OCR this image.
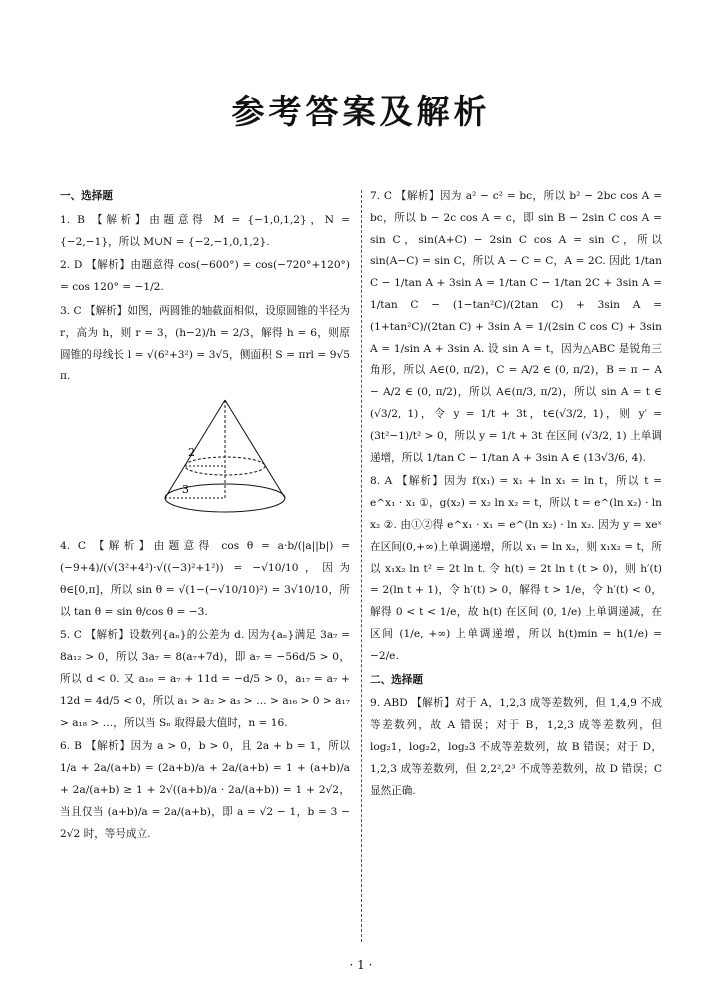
参考答案及解析

一、选择题

1. B 【解析】由题意得 M = {−1,0,1,2}，N = {−2,−1}，所以 M∪N = {−2,−1,0,1,2}.

2. D 【解析】由题意得 cos(−600°) = cos(−720°+120°) = cos 120° = −1/2.

3. C 【解析】如图，两圆锥的轴截面相似，设原圆锥的半径为 r，高为 h，则 r = 3，(h−2)/h = 2/3，解得 h = 6，则原圆锥的母线长 l = √(6²+3²) = 3√5，侧面积 S = πrl = 9√5 π.

2
3

4. C 【解析】由题意得 cos θ = a·b/(|a||b|) = (−9+4)/(√(3²+4²)·√((−3)²+1²)) = −√10/10，因为 θ∈[0,π]，所以 sin θ = √(1−(−√10/10)²) = 3√10/10，所以 tan θ = sin θ/cos θ = −3.

5. C 【解析】设数列{aₙ}的公差为 d. 因为{aₙ}满足 3a₇ = 8a₁₂ > 0，所以 3a₇ = 8(a₇+7d)，即 a₇ = −56d/5 > 0，所以 d < 0. 又 a₁₆ = a₇ + 11d = −d/5 > 0，a₁₇ = a₇ + 12d = 4d/5 < 0，所以 a₁ > a₂ > a₃ > … > a₁₆ > 0 > a₁₇ > a₁₈ > …，所以当 Sₙ 取得最大值时，n = 16.

6. B 【解析】因为 a > 0，b > 0，且 2a + b = 1，所以 1/a + 2a/(a+b) = (2a+b)/a + 2a/(a+b) = 1 + (a+b)/a + 2a/(a+b) ≥ 1 + 2√((a+b)/a · 2a/(a+b)) = 1 + 2√2，当且仅当 (a+b)/a = 2a/(a+b)，即 a = √2 − 1，b = 3 − 2√2 时，等号成立.

7. C 【解析】因为 a² − c² = bc，所以 b² − 2bc cos A = bc，所以 b − 2c cos A = c，即 sin B − 2sin C cos A = sin C，sin(A+C) − 2sin C cos A = sin C，所以 sin(A−C) = sin C，所以 A − C = C，A = 2C. 因此 1/tan C − 1/tan A + 3sin A = 1/tan C − 1/tan 2C + 3sin A = 1/tan C − (1−tan²C)/(2tan C) + 3sin A = (1+tan²C)/(2tan C) + 3sin A = 1/(2sin C cos C) + 3sin A = 1/sin A + 3sin A. 设 sin A = t，因为△ABC 是锐角三角形，所以 A∈(0, π/2)，C = A/2 ∈ (0, π/2)，B = π − A − A/2 ∈ (0, π/2)，所以 A∈(π/3, π/2)，所以 sin A = t ∈ (√3/2, 1)，令 y = 1/t + 3t，t∈(√3/2, 1)，则 y′ = (3t²−1)/t² > 0，所以 y = 1/t + 3t 在区间 (√3/2, 1) 上单调递增，所以 1/tan C − 1/tan A + 3sin A ∈ (13√3/6, 4).

8. A 【解析】因为 f(x₁) = x₁ + ln x₁ = ln t，所以 t = e^x₁ · x₁ ①，g(x₂) = x₂ ln x₂ = t，所以 t = e^(ln x₂) · ln x₂ ②. 由①②得 e^x₁ · x₁ = e^(ln x₂) · ln x₂. 因为 y = xeˣ 在区间(0,+∞)上单调递增，所以 x₁ = ln x₂，则 x₁x₂ = t，所以 x₁x₂ ln t² = 2t ln t. 令 h(t) = 2t ln t (t > 0)，则 h′(t) = 2(ln t + 1)，令 h′(t) > 0，解得 t > 1/e，令 h′(t) < 0，解得 0 < t < 1/e，故 h(t) 在区间 (0, 1/e) 上单调递减，在区间 (1/e, +∞) 上单调递增，所以 h(t)min = h(1/e) = −2/e.

二、选择题

9. ABD 【解析】对于 A，1,2,3 成等差数列，但 1,4,9 不成等差数列，故 A 错误；对于 B，1,2,3 成等差数列，但 log₂1，log₂2，log₂3 不成等差数列，故 B 错误；对于 D，1,2,3 成等差数列，但 2,2²,2³ 不成等差数列，故 D 错误；C 显然正确.

· 1 ·
